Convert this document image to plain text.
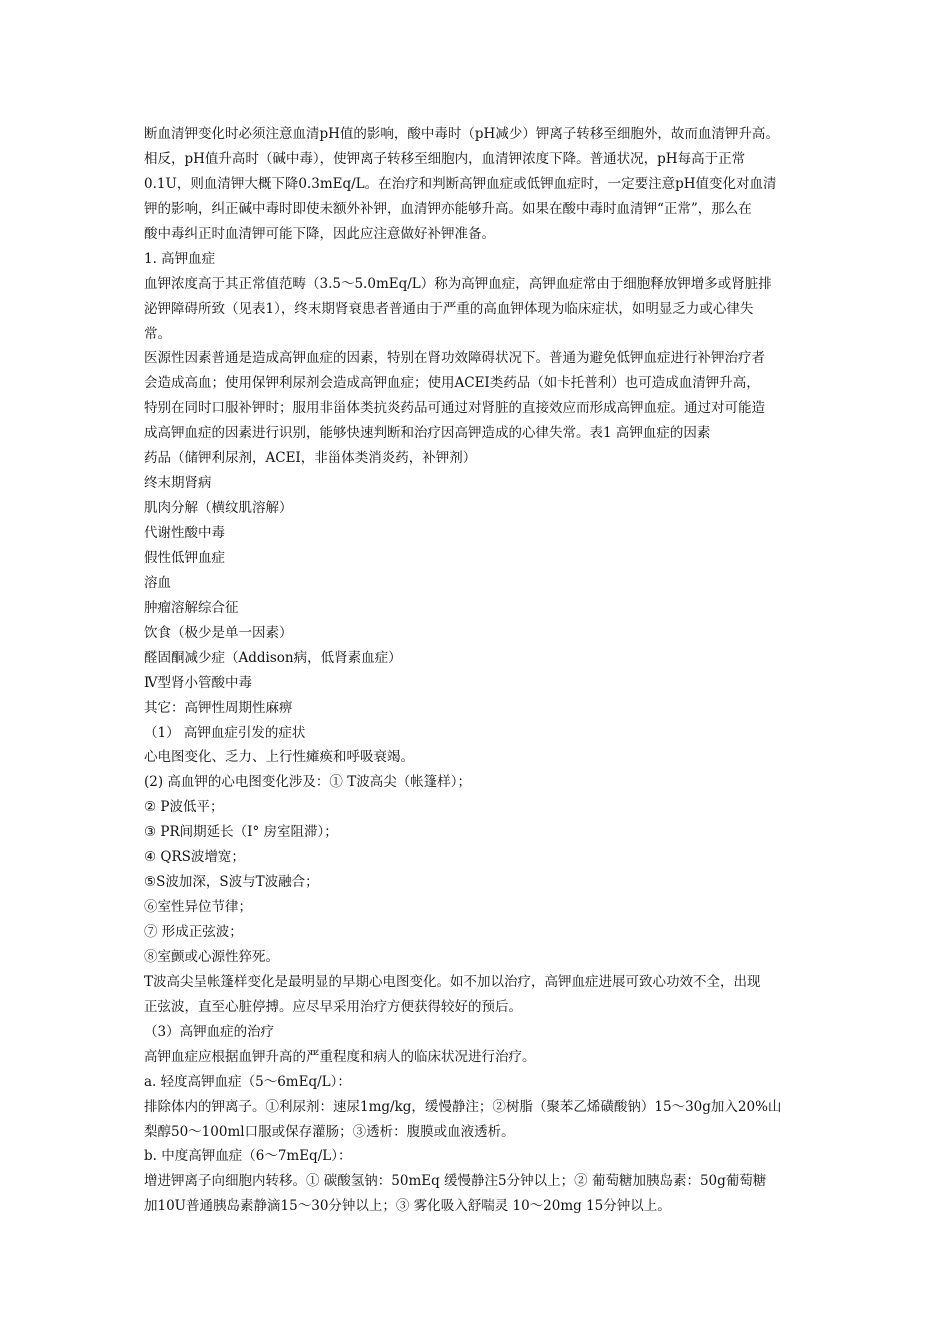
断血清钾变化时必须注意血清pH值的影响，酸中毒时（pH减少）钾离子转移至细胞外，故而血清钾升高。
相反，pH值升高时（碱中毒），使钾离子转移至细胞内，血清钾浓度下降。普通状况，pH每高于正常
0.1U，则血清钾大概下降0.3mEq/L。在治疗和判断高钾血症或低钾血症时，一定要注意pH值变化对血清
钾的影响，纠正碱中毒时即使未额外补钾，血清钾亦能够升高。如果在酸中毒时血清钾“正常”，那么在
酸中毒纠正时血清钾可能下降，因此应注意做好补钾准备。
1. 高钾血症
血钾浓度高于其正常值范畴（3.5～5.0mEq/L）称为高钾血症，高钾血症常由于细胞释放钾增多或肾脏排
泌钾障碍所致（见表1），终末期肾衰患者普通由于严重的高血钾体现为临床症状，如明显乏力或心律失
常。
医源性因素普通是造成高钾血症的因素，特别在肾功效障碍状况下。普通为避免低钾血症进行补钾治疗者
会造成高血；使用保钾利尿剂会造成高钾血症；使用ACEI类药品（如卡托普利）也可造成血清钾升高，
特别在同时口服补钾时；服用非甾体类抗炎药品可通过对肾脏的直接效应而形成高钾血症。通过对可能造
成高钾血症的因素进行识别，能够快速判断和治疗因高钾造成的心律失常。表1 高钾血症的因素
药品（储钾利尿剂，ACEI，非甾体类消炎药，补钾剂）
终末期肾病
肌肉分解（横纹肌溶解）
代谢性酸中毒
假性低钾血症
溶血
肿瘤溶解综合征
饮食（极少是单一因素）
醛固酮减少症（Addison病，低肾素血症）
Ⅳ型肾小管酸中毒
其它：高钾性周期性麻痹
（1） 高钾血症引发的症状
心电图变化、乏力、上行性瘫痪和呼吸衰竭。
(2) 高血钾的心电图变化涉及：① T波高尖（帐篷样）；
② P波低平；
③ PR间期延长（Ⅰ° 房室阻滞）；
④ QRS波增宽；
⑤S波加深，S波与T波融合；
⑥室性异位节律；
⑦ 形成正弦波；
⑧室颤或心源性猝死。
T波高尖呈帐篷样变化是最明显的早期心电图变化。如不加以治疗，高钾血症进展可致心功效不全，出现
正弦波，直至心脏停搏。应尽早采用治疗方便获得较好的预后。
（3）高钾血症的治疗
高钾血症应根据血钾升高的严重程度和病人的临床状况进行治疗。
a. 轻度高钾血症（5～6mEq/L）：
排除体内的钾离子。①利尿剂：速尿1mg/kg，缓慢静注；②树脂（聚苯乙烯磺酸钠）15～30g加入20%山
梨醇50～100ml口服或保存灌肠；③透析：腹膜或血液透析。
b. 中度高钾血症（6～7mEq/L）：
增进钾离子向细胞内转移。① 碳酸氢钠：50mEq 缓慢静注5分钟以上；② 葡萄糖加胰岛素：50g葡萄糖
加10U普通胰岛素静滴15～30分钟以上；③ 雾化吸入舒喘灵 10～20mg 15分钟以上。
